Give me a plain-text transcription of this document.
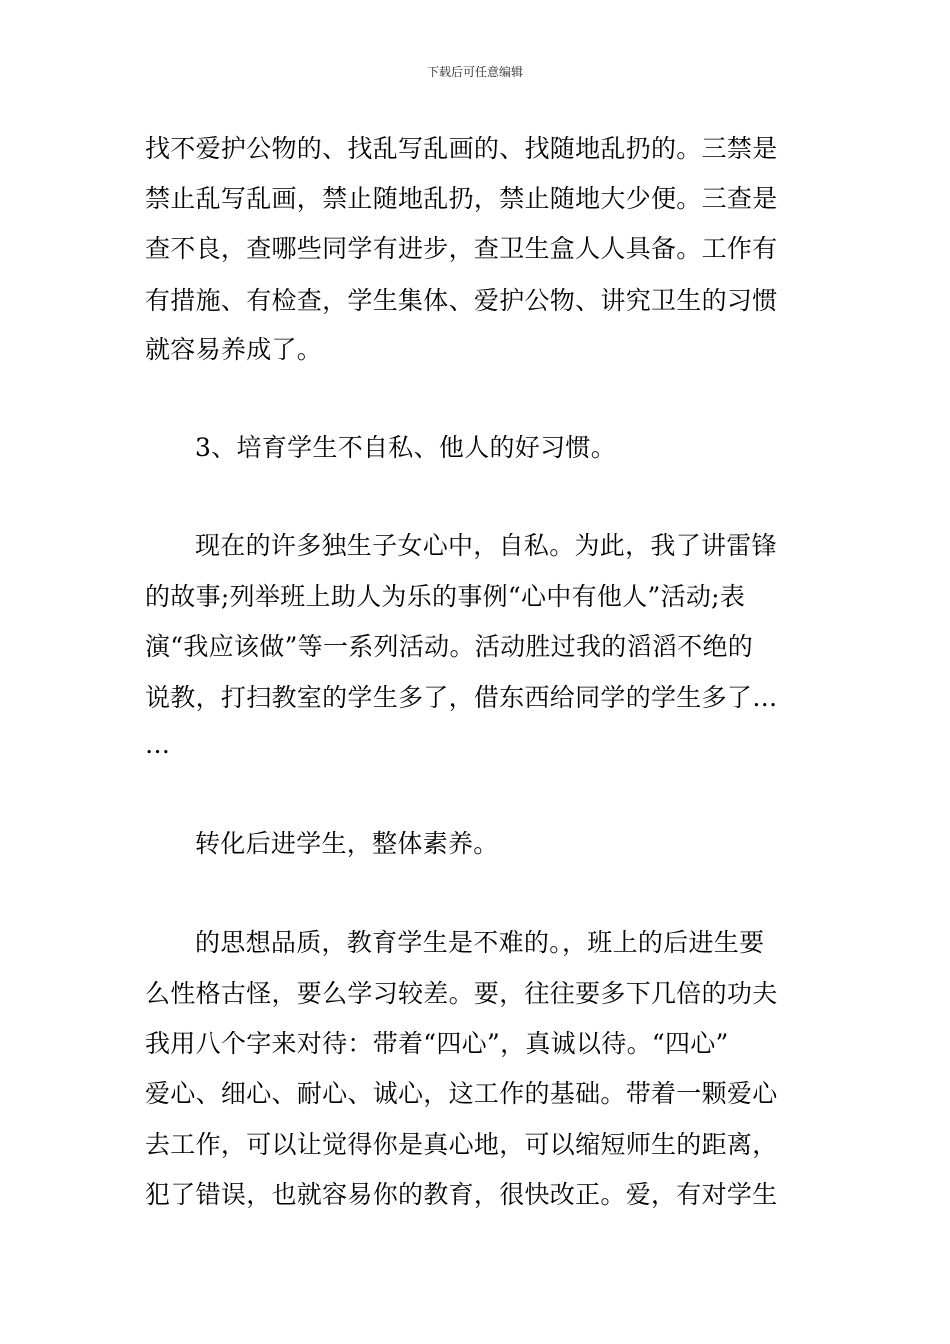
下载后可任意编辑
找不爱护公物的、找乱写乱画的、找随地乱扔的。三禁是
禁止乱写乱画，禁止随地乱扔，禁止随地大少便。三查是
查不良，查哪些同学有进步，查卫生盒人人具备。工作有
有措施、有检查，学生集体、爱护公物、讲究卫生的习惯
就容易养成了。
3、培育学生不自私、他人的好习惯。
现在的许多独生子女心中，自私。为此，我了讲雷锋
的故事;列举班上助人为乐的事例“心中有他人”活动;表
演“我应该做”等一系列活动。活动胜过我的滔滔不绝的
说教，打扫教室的学生多了，借东西给同学的学生多了…
…
转化后进学生，整体素养。
的思想品质，教育学生是不难的。，班上的后进生要
么性格古怪，要么学习较差。要，往往要多下几倍的功夫
我用八个字来对待：带着“四心”，真诚以待。“四心”
爱心、细心、耐心、诚心，这工作的基础。带着一颗爱心
去工作，可以让觉得你是真心地，可以缩短师生的距离，
犯了错误，也就容易你的教育，很快改正。爱，有对学生
